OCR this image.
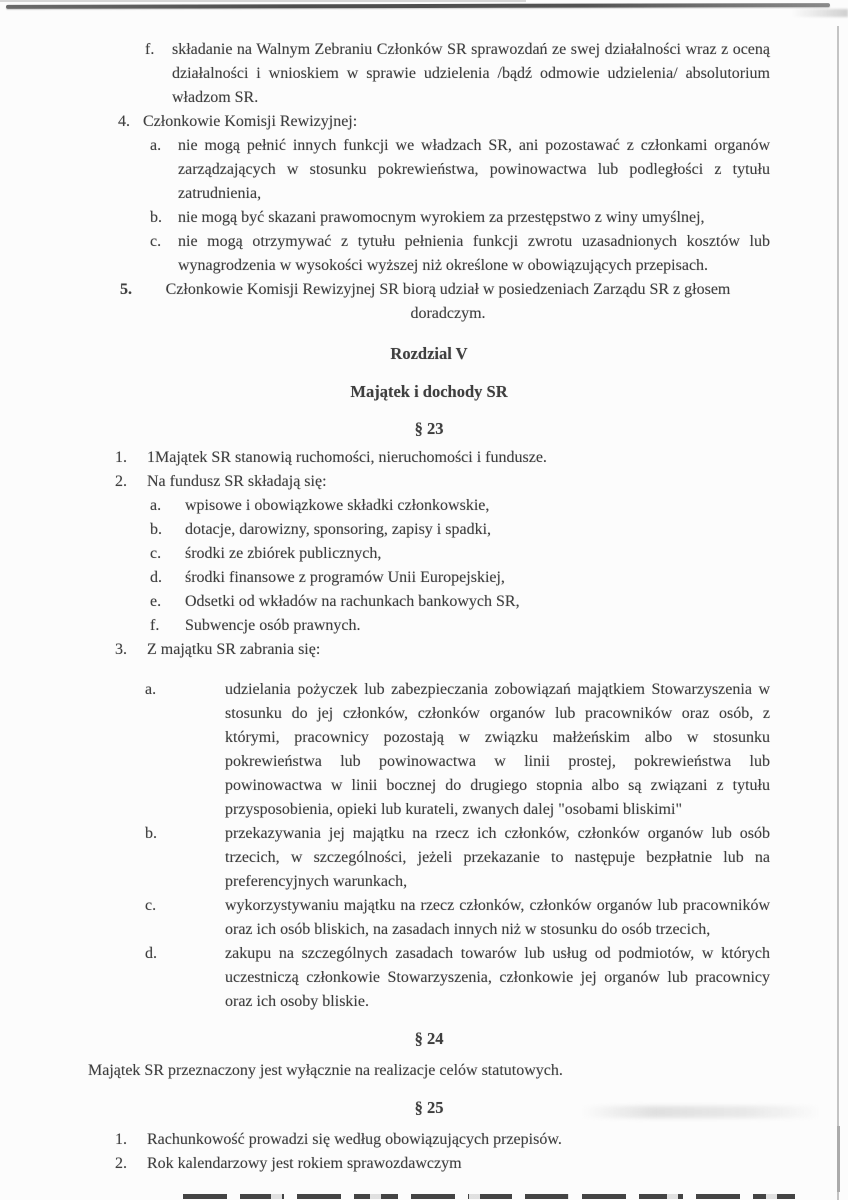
f.	składanie na Walnym Zebraniu Członków SR sprawozdań ze swej działalności wraz z oceną działalności i wnioskiem w sprawie udzielenia /bądź odmowie udzielenia/ absolutorium władzom SR.
4. Członkowie Komisji Rewizyjnej:
a.	nie mogą pełnić innych funkcji we władzach SR, ani pozostawać z członkami organów zarządzających w stosunku pokrewieństwa, powinowactwa lub podległości z tytułu zatrudnienia,
b.	nie mogą być skazani prawomocnym wyrokiem za przestępstwo z winy umyślnej,
c.	nie mogą otrzymywać z tytułu pełnienia funkcji zwrotu uzasadnionych kosztów lub wynagrodzenia w wysokości wyższej niż określone w obowiązujących przepisach.
5.	Członkowie Komisji Rewizyjnej SR biorą udział w posiedzeniach Zarządu SR z głosem doradczym.
Rozdzial V
Majątek i dochody SR
§ 23
1.	1Majątek SR stanowią ruchomości, nieruchomości i fundusze.
2.	Na fundusz SR składają się:
a.	wpisowe i obowiązkowe składki członkowskie,
b.	dotacje, darowizny, sponsoring, zapisy i spadki,
c.	środki ze zbiórek publicznych,
d.	środki finansowe z programów Unii Europejskiej,
e.	Odsetki od wkładów na rachunkach bankowych SR,
f.	Subwencje osób prawnych.
3.	Z majątku SR zabrania się:
a.	udzielania pożyczek lub zabezpieczania zobowiązań majątkiem Stowarzyszenia w stosunku do jej członków, członków organów lub pracowników oraz osób, z którymi, pracownicy pozostają w związku małżeńskim albo w stosunku pokrewieństwa lub powinowactwa w linii prostej, pokrewieństwa lub powinowactwa w linii bocznej do drugiego stopnia albo są związani z tytułu przysposobienia, opieki lub kurateli, zwanych dalej "osobami bliskimi"
b.	przekazywania jej majątku na rzecz ich członków, członków organów lub osób trzecich, w szczególności, jeżeli przekazanie to następuje bezpłatnie lub na preferencyjnych warunkach,
c.	wykorzystywaniu majątku na rzecz członków, członków organów lub pracowników oraz ich osób bliskich, na zasadach innych niż w stosunku do osób trzecich,
d.	zakupu na szczególnych zasadach towarów lub usług od podmiotów, w których uczestniczą członkowie Stowarzyszenia, członkowie jej organów lub pracownicy oraz ich osoby bliskie.
§ 24
Majątek SR przeznaczony jest wyłącznie na realizacje celów statutowych.
§ 25
1.	Rachunkowość prowadzi się według obowiązujących przepisów.
2.	Rok kalendarzowy jest rokiem sprawozdawczym
